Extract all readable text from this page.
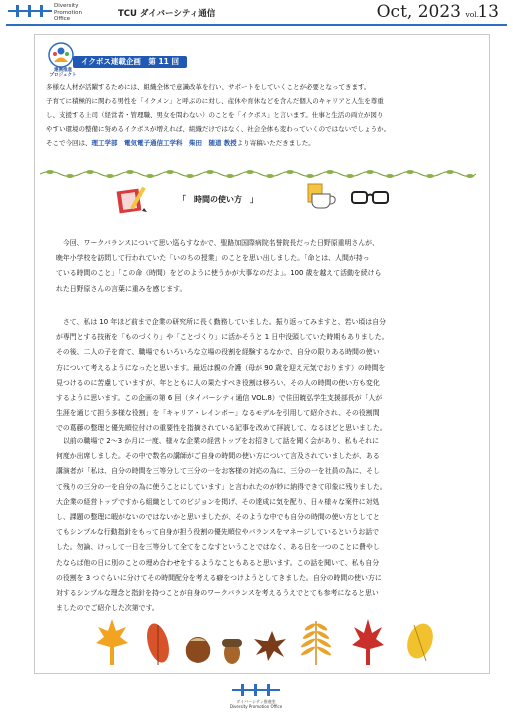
Diversity
Promotion
Office	TCU ダイバーシティ通信	Oct, 2023 vol.
13
連携推進
プロジェクト
イクボス連載企画　第 11 回
多様な人材が活躍するためには、組織全体で意識改革を行い、サポートをしていくことが必要となってきます。
子育てに積極的に関わる男性を「イクメン」と呼ぶのに対し、産休や育休などを含んだ個人のキャリアと人生を尊重
し、支援する上司（経営者・管理職、男女を問わない）のことを「イクボス」と言います。仕事と生活の両立が図り
やすい環境の整備に努めるイクボスが増えれば、組織だけではなく、社会全体も変わっていくのではないでしょうか。
そこで今回は、理工学部　電気電子通信工学科　柴田　随道 教授より寄稿いただきました。
「　時間の使い方　」
　今回、ワークバランスについて思い巡らすなかで、聖路加国際病院名誉院長だった日野原重明さんが、
晩年小学校を訪問して行われていた「いのちの授業」のことを思い出しました。「命とは、人間が持っ
ている時間のこと」「この命（時間）をどのように使うかが大事なのだよ」。100 歳を越えて活動を続けら
れた日野原さんの言葉に重みを感じます。
　さて、私は 10 年ほど前まで企業の研究所に長く勤務していました。振り返ってみますと、若い頃は自分
が専門とする技術を「ものづくり」や「ことづくり」に活かそうと 1 日中没頭していた時期もありました。
その後、二人の子を育て、職場でもいろいろな立場の役割を経験するなかで、自分の限りある時間の使い
方について考えるようになったと思います。最近は親の介護（母が 90 歳を迎え元気でおります）の時間を
見つけるのに苦慮していますが、年とともに人の果たすべき役割は移ろい、その人の時間の使い方も変化
するように思います。この企画の第 6 回（タイバーシティ通信 VOL.8）で住田暁弘学生支援部長が「人が
生涯を通じて担う多様な役割」を「キャリア・レインボー」なるモデルを引用して紹介され、その役割間
での葛藤の整理と優先順位付けの重要性を指摘されている記事を改めて拝読して、なるほどと思いました。
　以前の職場で 2～3 か月に一度、様々な企業の経営トップをお招きして話を聞く会があり、私もそれに
何度か出席しました。その中で数名の講師がご自身の時間の使い方について言及されていましたが、ある
講演者が「私は、自分の時間を三等分して三分の一をお客様の対応の為に、三分の一を社員の為に、そし
て残りの三分の一を自分の為に使うことにしています」と言われたのが妙に納得できて印象に残りました。
大企業の経営トップですから組織としてのビジョンを掲げ、その達成に気を配り、日々様々な案件に対処
し、課題の整理に暇がないのではないかと思いましたが、そのような中でも自分の時間の使い方としてと
てもシンプルな行動指針をもって自身が担う役割の優先順位やバランスをマネージしているというお話で
した。勿論、けっして一日を三等分して全てをこなすということではなく、ある日を一つのことに費やし
たならば他の日に別のことの埋め合わせをするようなこともあると思います。この話を聞いて、私も自分
の役割を 3 つぐらいに分けてその時間配分を考える癖をつけようとしてきました。自分の時間の使い方に
対するシンプルな理念と指針を持つことが自身のワークバランスを考えるうえでとても参考になると思い
ましたのでご紹介した次第です。
ダイバーシティ推進室
Diversity Promotion Office
